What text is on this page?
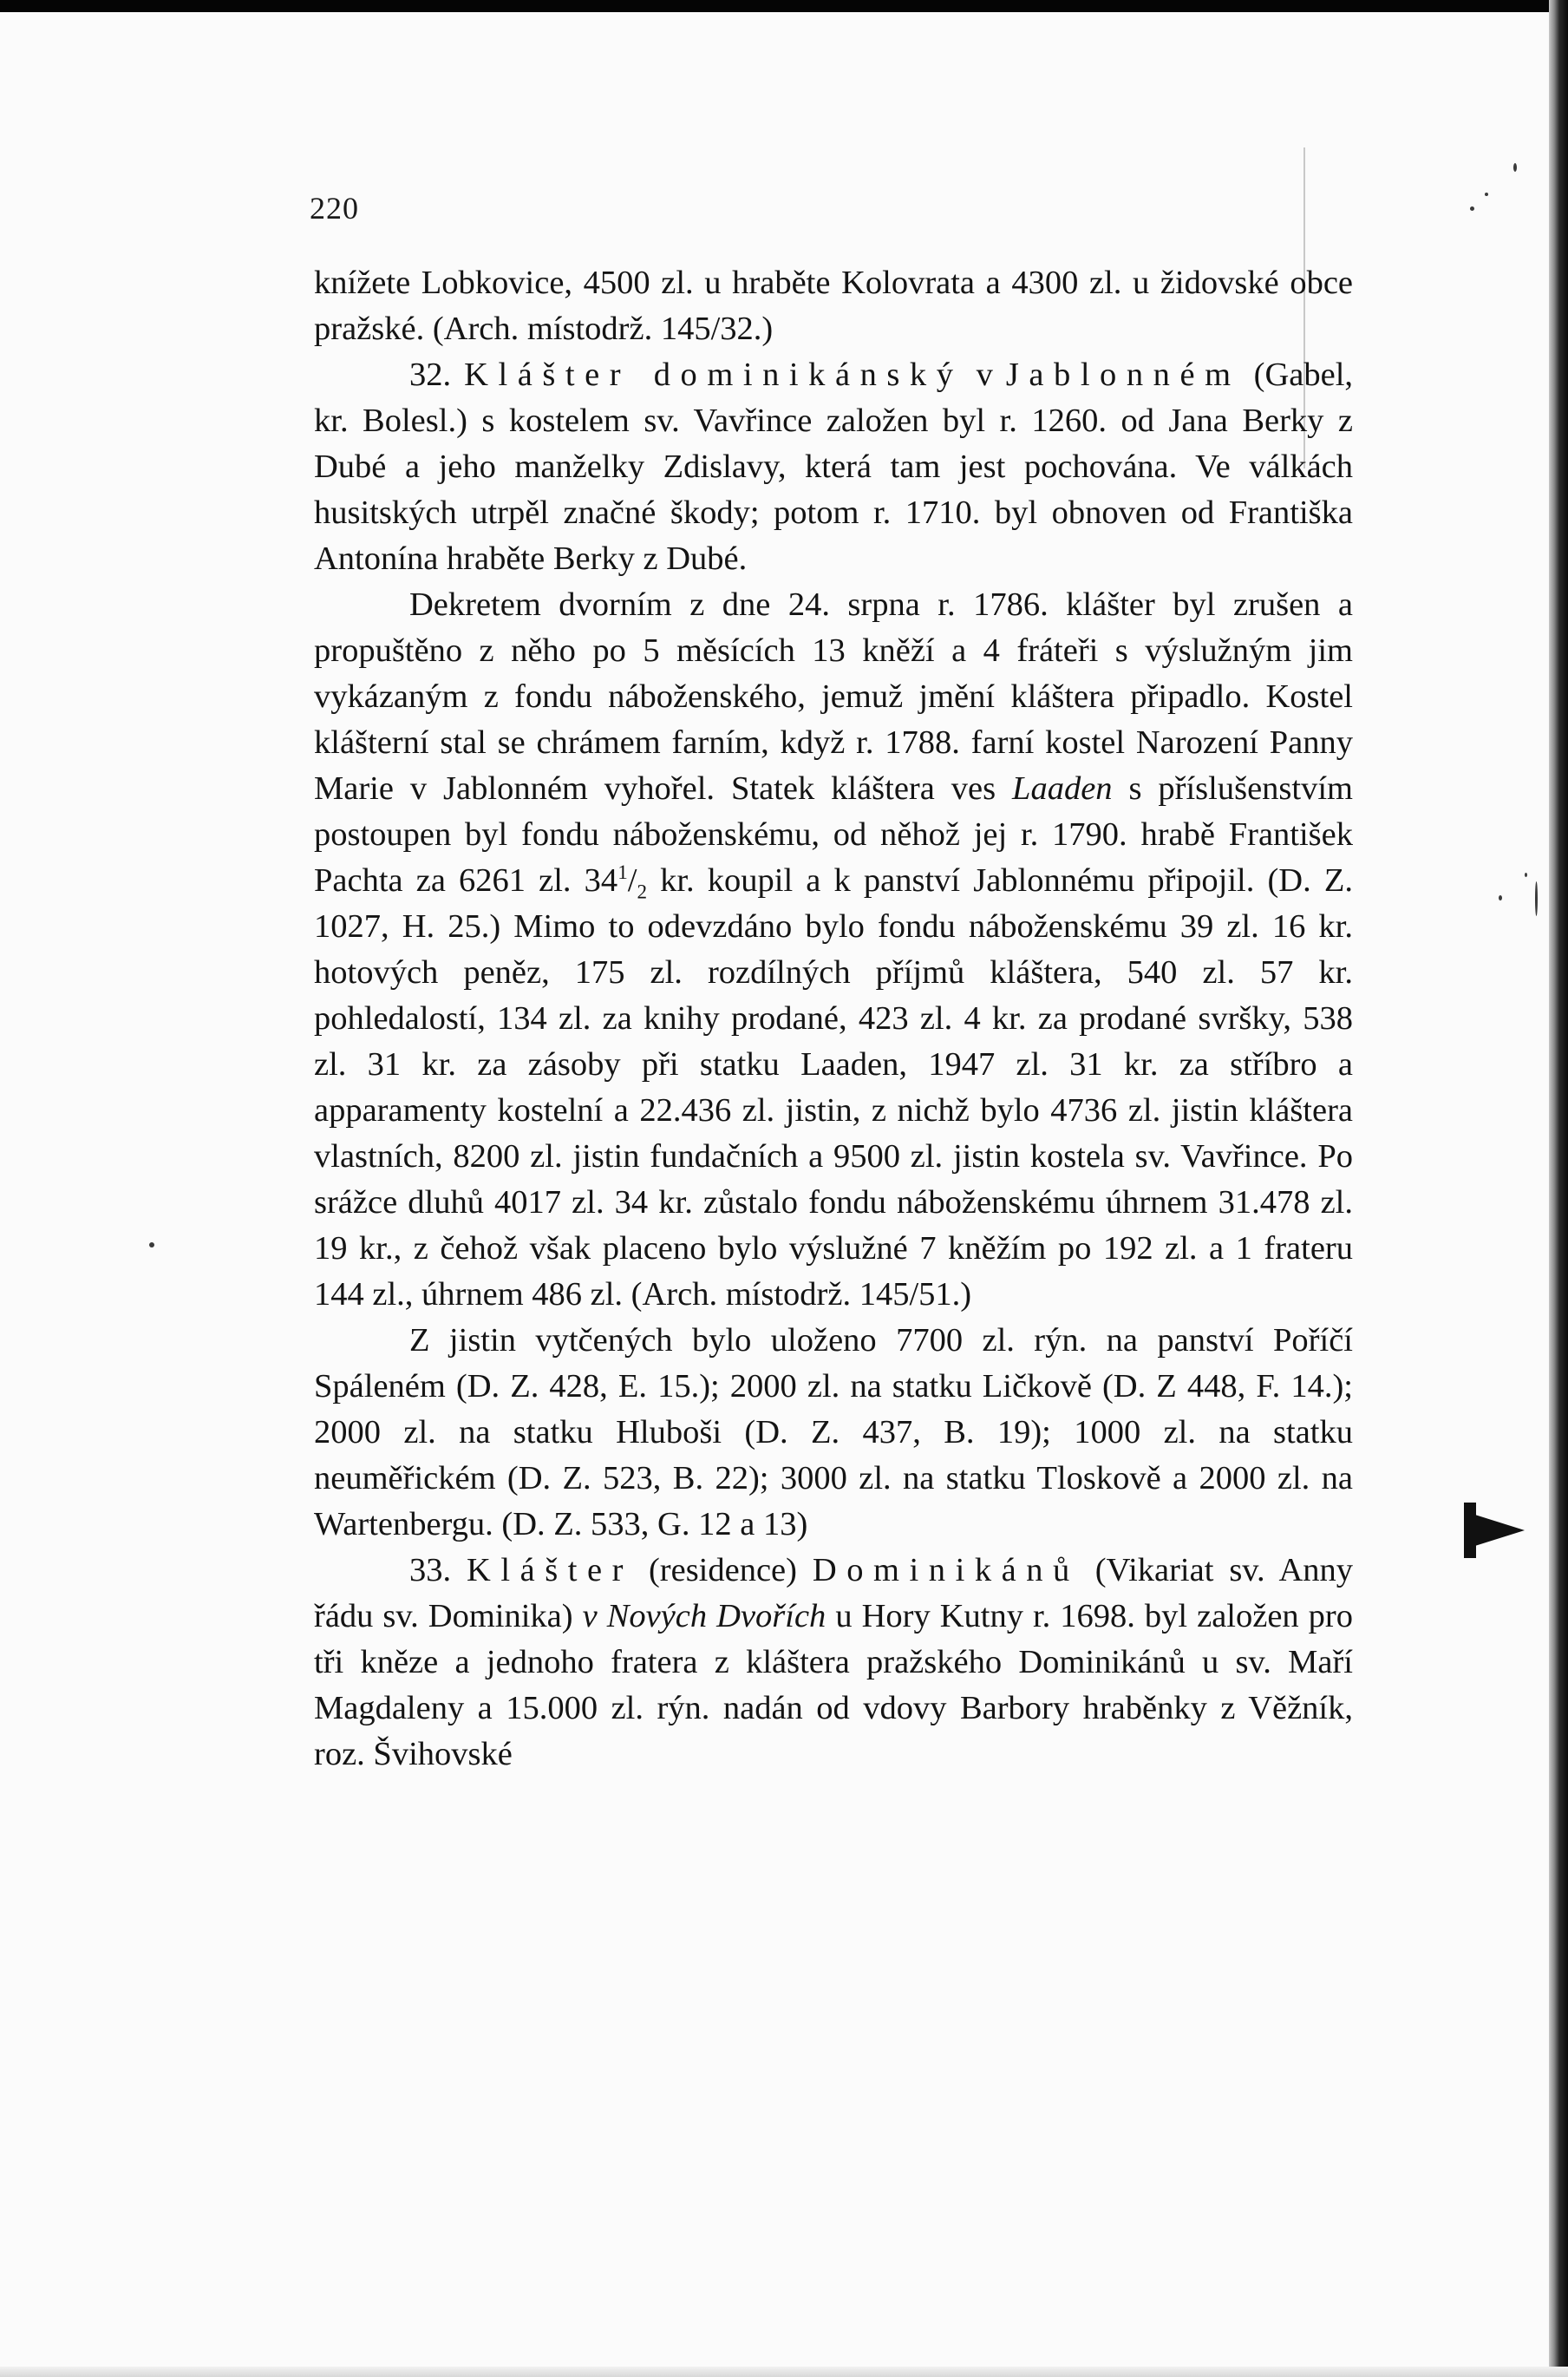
220

knížete Lobkovice, 4500 zl. u hraběte Kolovrata a 4300 zl. u židovské obce pražské. (Arch. místodrž. 145/32.)

32. Klášter dominikánský v Jablonném (Gabel, kr. Bolesl.) s kostelem sv. Vavřince založen byl r. 1260. od Jana Berky z Dubé a jeho manželky Zdislavy, která tam jest pochována. Ve válkách husitských utrpěl značné škody; potom r. 1710. byl obnoven od Františka Antonína hraběte Berky z Dubé.

Dekretem dvorním z dne 24. srpna r. 1786. klášter byl zrušen a propuštěno z něho po 5 měsících 13 kněží a 4 fráteři s výslužným jim vykázaným z fondu náboženského, jemuž jmění kláštera připadlo. Kostel klášterní stal se chrámem farním, když r. 1788. farní kostel Narození Panny Marie v Jablonném vyhořel. Statek kláštera ves Laaden s příslušenstvím postoupen byl fondu náboženskému, od něhož jej r. 1790. hrabě František Pachta za 6261 zl. $34^1/_2$ kr. koupil a k panství Jablonnému připojil. (D. Z. 1027, H. 25.) Mimo to odevzdáno bylo fondu náboženskému 39 zl. 16 kr. hotových peněz, 175 zl. rozdílných příjmů kláštera, 540 zl. 57 kr. pohledalostí, 134 zl. za knihy prodané, 423 zl. 4 kr. za prodané svršky, 538 zl. 31 kr. za zásoby při statku Laaden, 1947 zl. 31 kr. za stříbro a apparamenty kostelní a 22.436 zl. jistin, z nichž bylo 4736 zl. jistin kláštera vlastních, 8200 zl. jistin fundačních a 9500 zl. jistin kostela sv. Vavřince. Po srážce dluhů 4017 zl. 34 kr. zůstalo fondu náboženskému úhrnem 31.478 zl. 19 kr., z čehož však placeno bylo výslužné 7 kněžím po 192 zl. a 1 frateru 144 zl., úhrnem 486 zl. (Arch. místodrž. 145/51.)

Z jistin vytčených bylo uloženo 7700 zl. rýn. na panství Poříčí Spáleném (D. Z. 428, E. 15.); 2000 zl. na statku Ličkově (D. Z 448, F. 14.); 2000 zl. na statku Hluboši (D. Z. 437, B. 19); 1000 zl. na statku neuměřickém (D. Z. 523, B. 22); 3000 zl. na statku Tloskově a 2000 zl. na Wartenbergu. (D. Z. 533, G. 12 a 13)

33. Klášter (residence) Dominikánů (Vikariat sv. Anny řádu sv. Dominika) v Nových Dvořích u Hory Kutny r. 1698. byl založen pro tři kněze a jednoho fratera z kláštera pražského Dominikánů u sv. Maří Magdaleny a 15.000 zl. rýn. nadán od vdovy Barbory hraběnky z Věžník, roz. Švihovské
